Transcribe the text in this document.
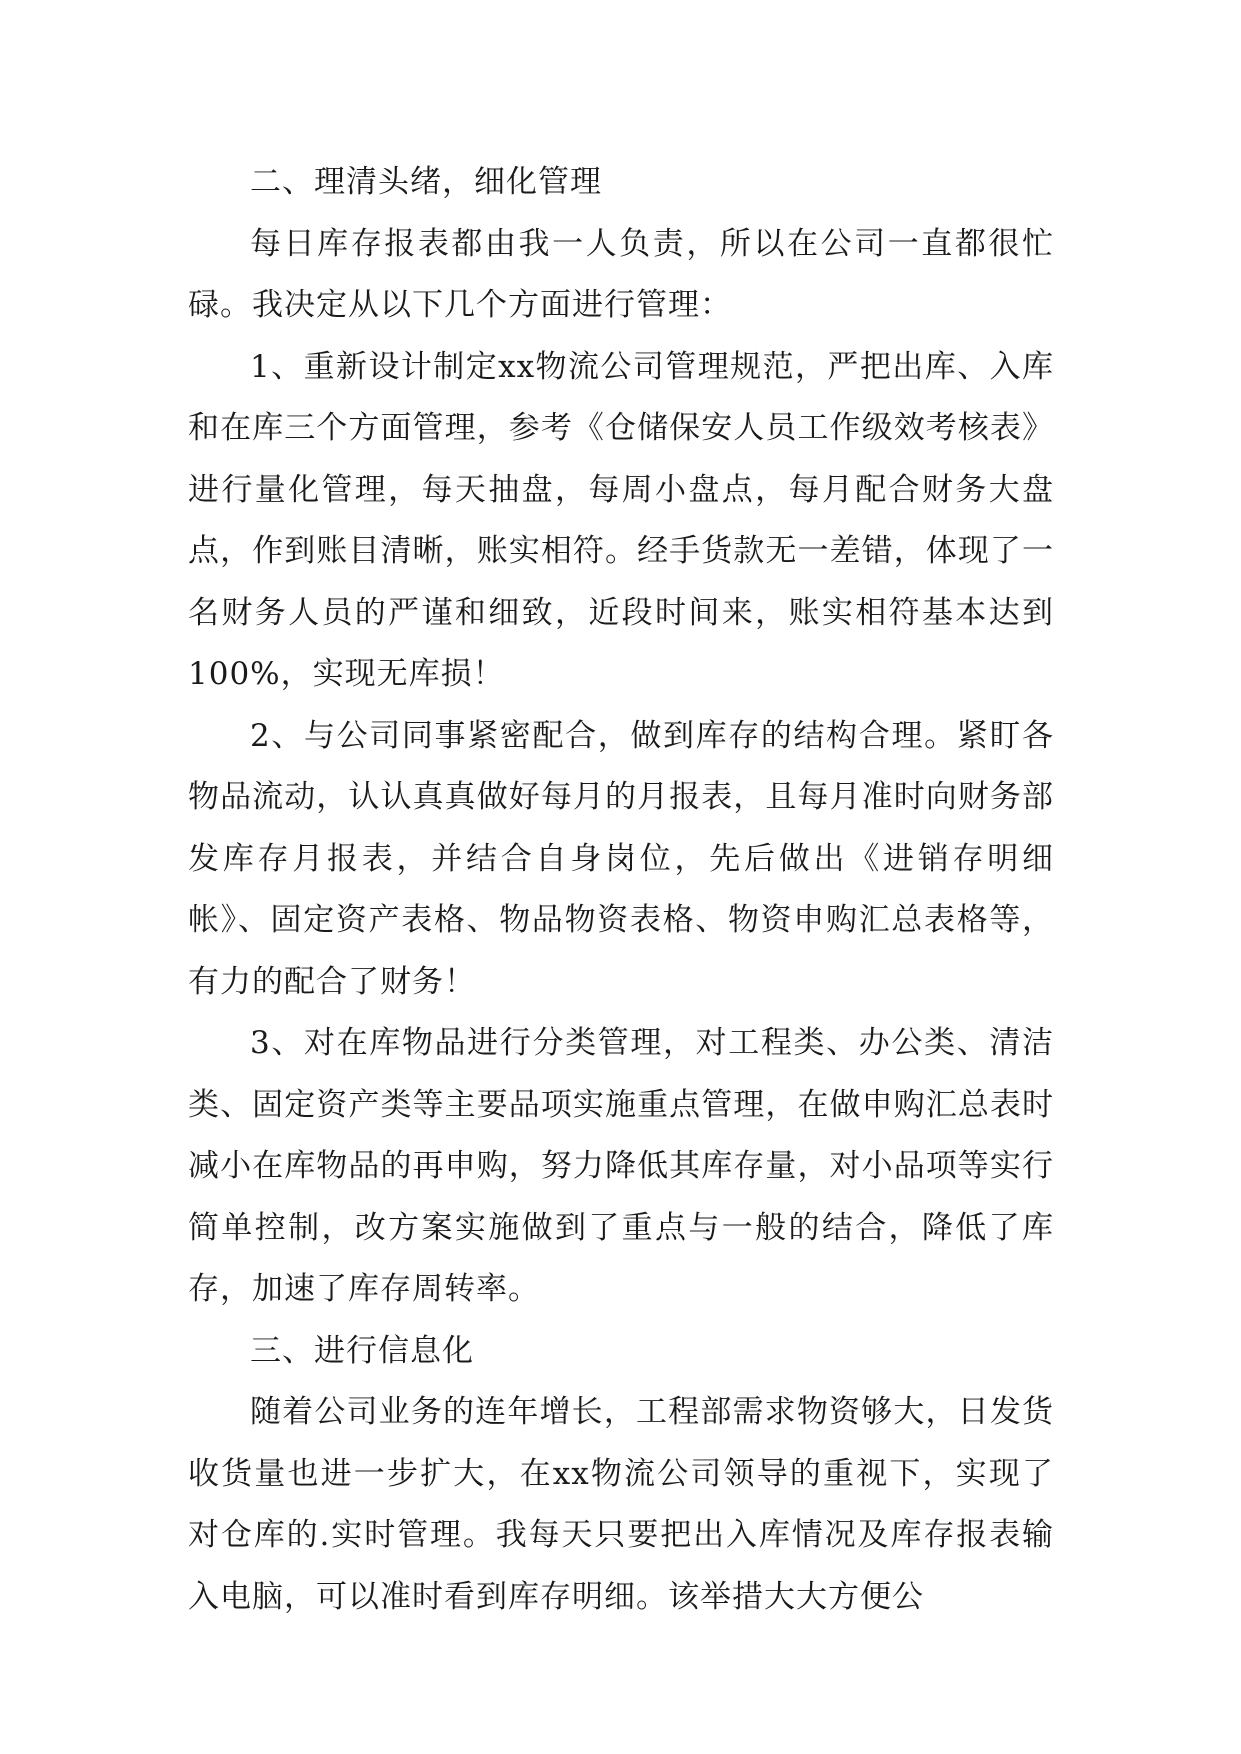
二、理清头绪，细化管理

每日库存报表都由我一人负责，所以在公司一直都很忙碌。我决定从以下几个方面进行管理：

1、重新设计制定xx物流公司管理规范，严把出库、入库和在库三个方面管理，参考《仓储保安人员工作级效考核表》进行量化管理，每天抽盘，每周小盘点，每月配合财务大盘点，作到账目清晰，账实相符。经手货款无一差错，体现了一名财务人员的严谨和细致，近段时间来，账实相符基本达到100%，实现无库损！

2、与公司同事紧密配合，做到库存的结构合理。紧盯各物品流动，认认真真做好每月的月报表，且每月准时向财务部发库存月报表，并结合自身岗位，先后做出《进销存明细帐》、固定资产表格、物品物资表格、物资申购汇总表格等，有力的配合了财务！

3、对在库物品进行分类管理，对工程类、办公类、清洁类、固定资产类等主要品项实施重点管理，在做申购汇总表时减小在库物品的再申购，努力降低其库存量，对小品项等实行简单控制，改方案实施做到了重点与一般的结合，降低了库存，加速了库存周转率。

三、进行信息化

随着公司业务的连年增长，工程部需求物资够大，日发货收货量也进一步扩大，在xx物流公司领导的重视下，实现了对仓库的.实时管理。我每天只要把出入库情况及库存报表输入电脑，可以准时看到库存明细。该举措大大方便公
